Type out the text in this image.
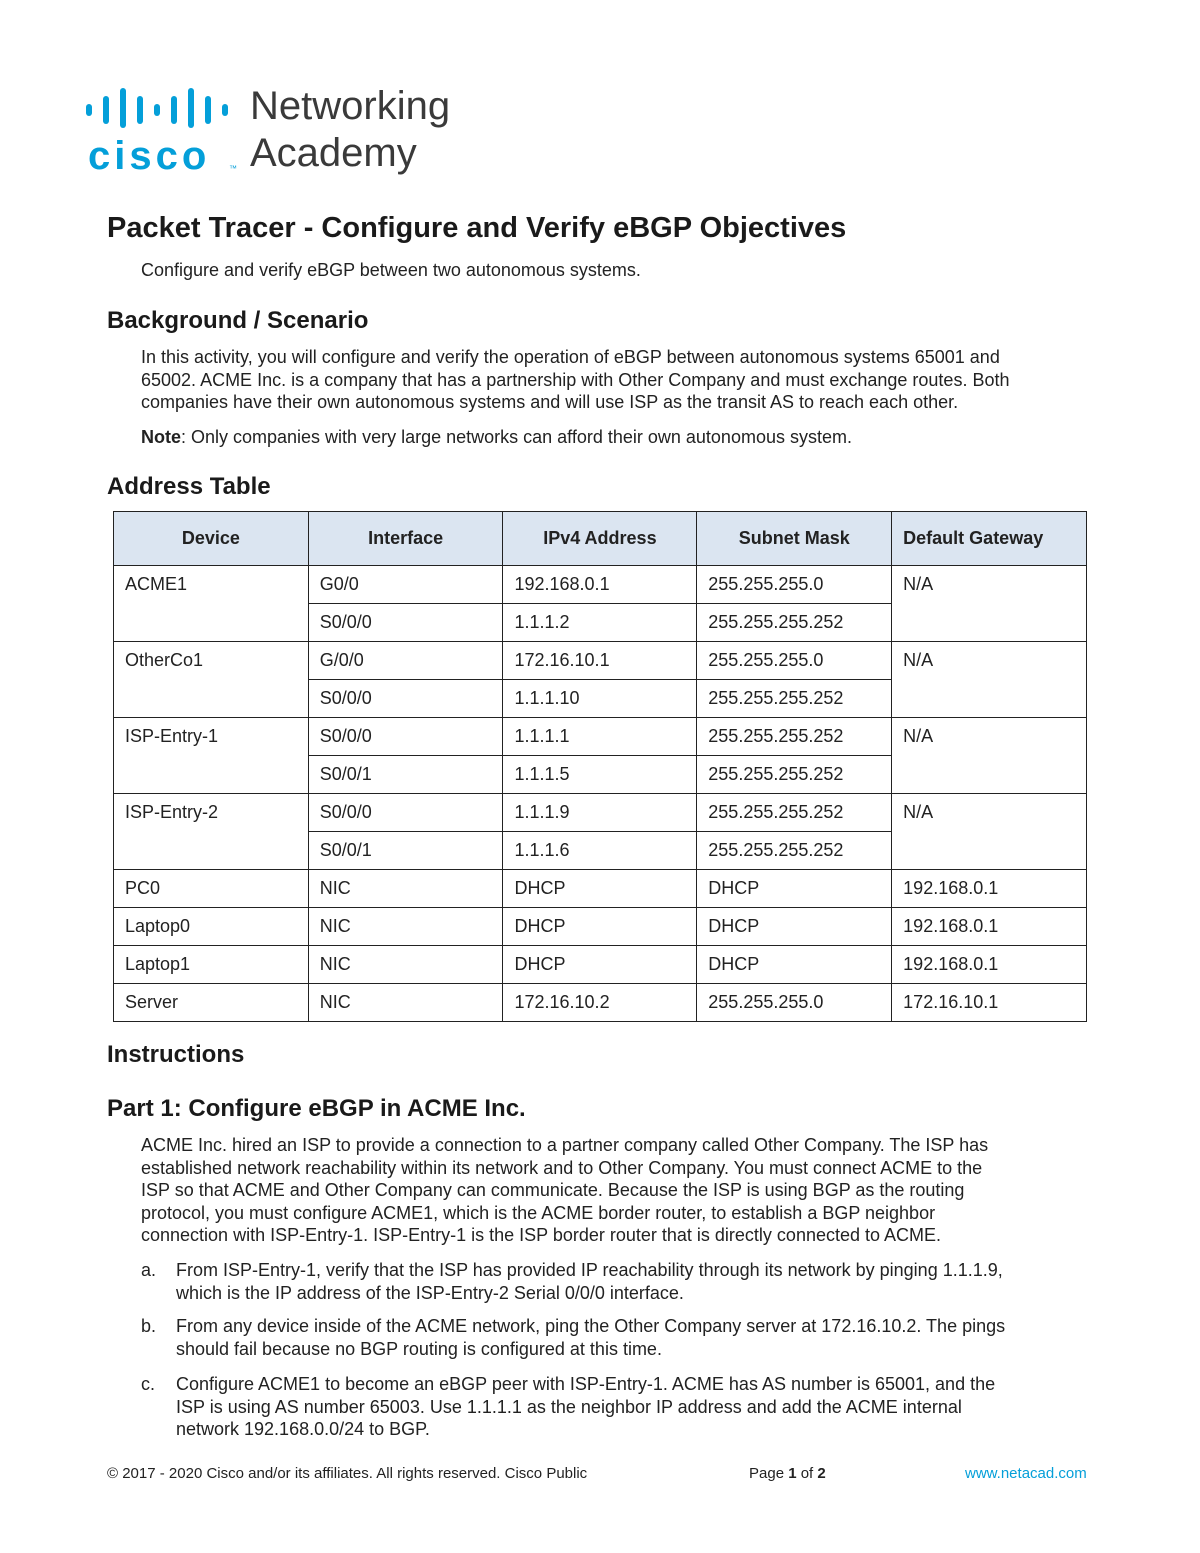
cisco ™
Networking
Academy
Packet Tracer - Configure and Verify eBGP Objectives

Configure and verify eBGP between two autonomous systems.

Background / Scenario
In this activity, you will configure and verify the operation of eBGP between autonomous systems 65001 and
65002. ACME Inc. is a company that has a partnership with Other Company and must exchange routes. Both
companies have their own autonomous systems and will use ISP as the transit AS to reach each other.
Note: Only companies with very large networks can afford their own autonomous system.
Address Table
Device	Interface	IPv4 Address	Subnet Mask	Default Gateway
ACME1	G0/0	192.168.0.1	255.255.255.0	N/A
	S0/0/0	1.1.1.2	255.255.255.252	
OtherCo1	G/0/0	172.16.10.1	255.255.255.0	N/A
	S0/0/0	1.1.1.10	255.255.255.252	
ISP-Entry-1	S0/0/0	1.1.1.1	255.255.255.252	N/A
	S0/0/1	1.1.1.5	255.255.255.252	
ISP-Entry-2	S0/0/0	1.1.1.9	255.255.255.252	N/A
	S0/0/1	1.1.1.6	255.255.255.252	
PC0	NIC	DHCP	DHCP	192.168.0.1
Laptop0	NIC	DHCP	DHCP	192.168.0.1
Laptop1	NIC	DHCP	DHCP	192.168.0.1
Server	NIC	172.16.10.2	255.255.255.0	172.16.10.1
Instructions
Part 1: Configure eBGP in ACME Inc.
ACME Inc. hired an ISP to provide a connection to a partner company called Other Company. The ISP has
established network reachability within its network and to Other Company. You must connect ACME to the
ISP so that ACME and Other Company can communicate. Because the ISP is using BGP as the routing
protocol, you must configure ACME1, which is the ACME border router, to establish a BGP neighbor
connection with ISP-Entry-1. ISP-Entry-1 is the ISP border router that is directly connected to ACME.
a. From ISP-Entry-1, verify that the ISP has provided IP reachability through its network by pinging 1.1.1.9,
which is the IP address of the ISP-Entry-2 Serial 0/0/0 interface.
b. From any device inside of the ACME network, ping the Other Company server at 172.16.10.2. The pings
should fail because no BGP routing is configured at this time.
c. Configure ACME1 to become an eBGP peer with ISP-Entry-1. ACME has AS number is 65001, and the
ISP is using AS number 65003. Use 1.1.1.1 as the neighbor IP address and add the ACME internal
network 192.168.0.0/24 to BGP.
© 2017 - 2020 Cisco and/or its affiliates. All rights reserved. Cisco Public	Page 1 of 2	www.netacad.com
